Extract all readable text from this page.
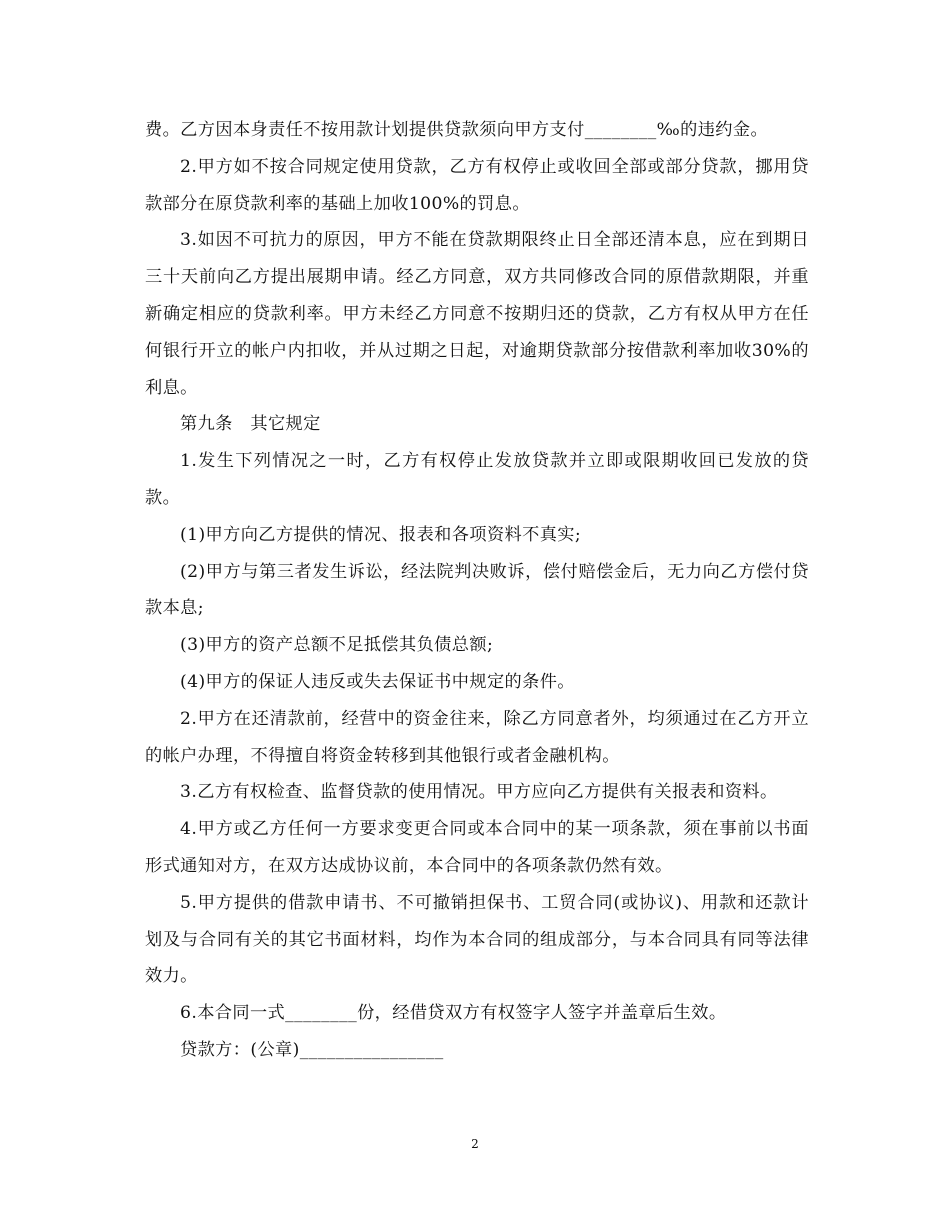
费。乙方因本身责任不按用款计划提供贷款须向甲方支付________‰的违约金。

2.甲方如不按合同规定使用贷款，乙方有权停止或收回全部或部分贷款，挪用贷款部分在原贷款利率的基础上加收100%的罚息。

3.如因不可抗力的原因，甲方不能在贷款期限终止日全部还清本息，应在到期日三十天前向乙方提出展期申请。经乙方同意，双方共同修改合同的原借款期限，并重新确定相应的贷款利率。甲方未经乙方同意不按期归还的贷款，乙方有权从甲方在任何银行开立的帐户内扣收，并从过期之日起，对逾期贷款部分按借款利率加收30%的利息。

第九条　其它规定

1.发生下列情况之一时，乙方有权停止发放贷款并立即或限期收回已发放的贷款。

(1)甲方向乙方提供的情况、报表和各项资料不真实;

(2)甲方与第三者发生诉讼，经法院判决败诉，偿付赔偿金后，无力向乙方偿付贷款本息;

(3)甲方的资产总额不足抵偿其负债总额;

(4)甲方的保证人违反或失去保证书中规定的条件。

2.甲方在还清款前，经营中的资金往来，除乙方同意者外，均须通过在乙方开立的帐户办理，不得擅自将资金转移到其他银行或者金融机构。

3.乙方有权检查、监督贷款的使用情况。甲方应向乙方提供有关报表和资料。

4.甲方或乙方任何一方要求变更合同或本合同中的某一项条款，须在事前以书面形式通知对方，在双方达成协议前，本合同中的各项条款仍然有效。

5.甲方提供的借款申请书、不可撤销担保书、工贸合同(或协议)、用款和还款计划及与合同有关的其它书面材料，均作为本合同的组成部分，与本合同具有同等法律效力。

6.本合同一式________份，经借贷双方有权签字人签字并盖章后生效。

贷款方：(公章)________________

2
